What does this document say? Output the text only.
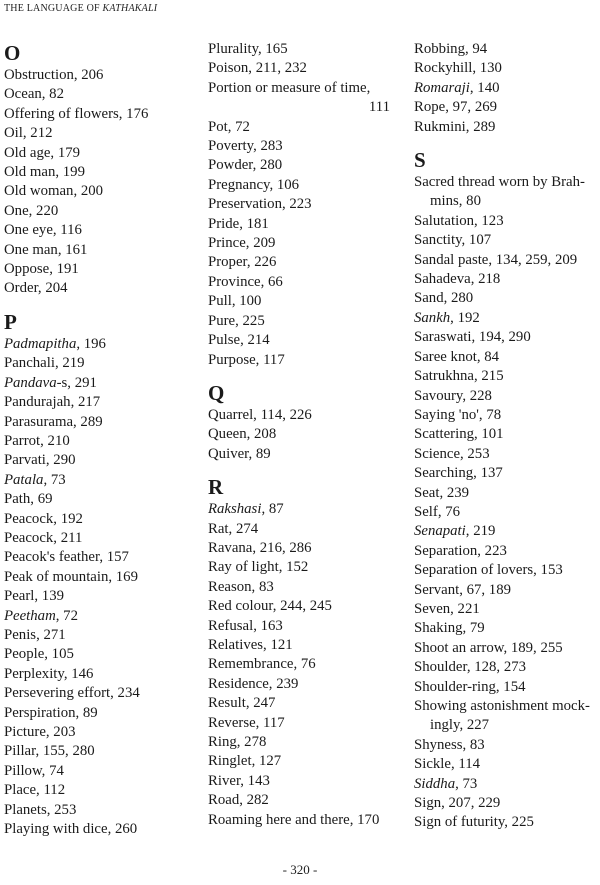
THE LANGUAGE OF KATHAKALI
O
Obstruction, 206
Ocean, 82
Offering of flowers, 176
Oil, 212
Old age, 179
Old man, 199
Old woman, 200
One, 220
One eye, 116
One man, 161
Oppose, 191
Order, 204
P
Padmapitha, 196
Panchali, 219
Pandava-s, 291
Pandurajah, 217
Parasurama, 289
Parrot, 210
Parvati, 290
Patala, 73
Path, 69
Peacock, 192
Peacock, 211
Peacok's feather, 157
Peak of mountain, 169
Pearl, 139
Peetham, 72
Penis, 271
People, 105
Perplexity, 146
Persevering effort, 234
Perspiration, 89
Picture, 203
Pillar, 155, 280
Pillow, 74
Place, 112
Planets, 253
Playing with dice, 260
Plurality, 165
Poison, 211, 232
Portion or measure of time,
111
Pot, 72
Poverty, 283
Powder, 280
Pregnancy, 106
Preservation, 223
Pride, 181
Prince, 209
Proper, 226
Province, 66
Pull, 100
Pure, 225
Pulse, 214
Purpose, 117
Q
Quarrel, 114, 226
Queen, 208
Quiver, 89
R
Rakshasi, 87
Rat, 274
Ravana, 216, 286
Ray of light, 152
Reason, 83
Red colour, 244, 245
Refusal, 163
Relatives, 121
Remembrance, 76
Residence, 239
Result, 247
Reverse, 117
Ring, 278
Ringlet, 127
River, 143
Road, 282
Roaming here and there, 170
Robbing, 94
Rockyhill, 130
Romaraji, 140
Rope, 97, 269
Rukmini, 289
S
Sacred thread worn by Brah-
mins, 80
Salutation, 123
Sanctity, 107
Sandal paste, 134, 259, 209
Sahadeva, 218
Sand, 280
Sankh, 192
Saraswati, 194, 290
Saree knot, 84
Satrukhna, 215
Savoury, 228
Saying 'no', 78
Scattering, 101
Science, 253
Searching, 137
Seat, 239
Self, 76
Senapati, 219
Separation, 223
Separation of lovers, 153
Servant, 67, 189
Seven, 221
Shaking, 79
Shoot an arrow, 189, 255
Shoulder, 128, 273
Shoulder-ring, 154
Showing astonishment mock-
ingly, 227
Shyness, 83
Sickle, 114
Siddha, 73
Sign, 207, 229
Sign of futurity, 225
- 320 -
